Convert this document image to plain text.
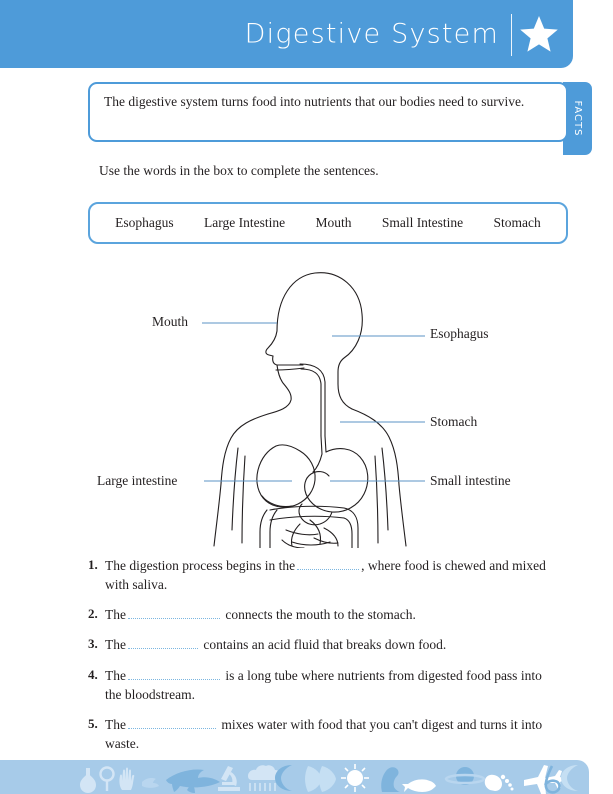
Digestive System
FACTS
The digestive system turns food into nutrients that our bodies need to survive.
Use the words in the box to complete the sentences.
Esophagus Large Intestine Mouth Small Intestine Stomach
Mouth
Large intestine
Esophagus
Stomach
Small intestine
1. The digestion process begins in the	, where food is chewed and mixed with saliva.
2. The	connects the mouth to the stomach.
3. The	contains an acid fluid that breaks down food.
4. The	is a long tube where nutrients from digested food pass into the bloodstream.
5. The	mixes water with food that you can't digest and turns it into waste.
